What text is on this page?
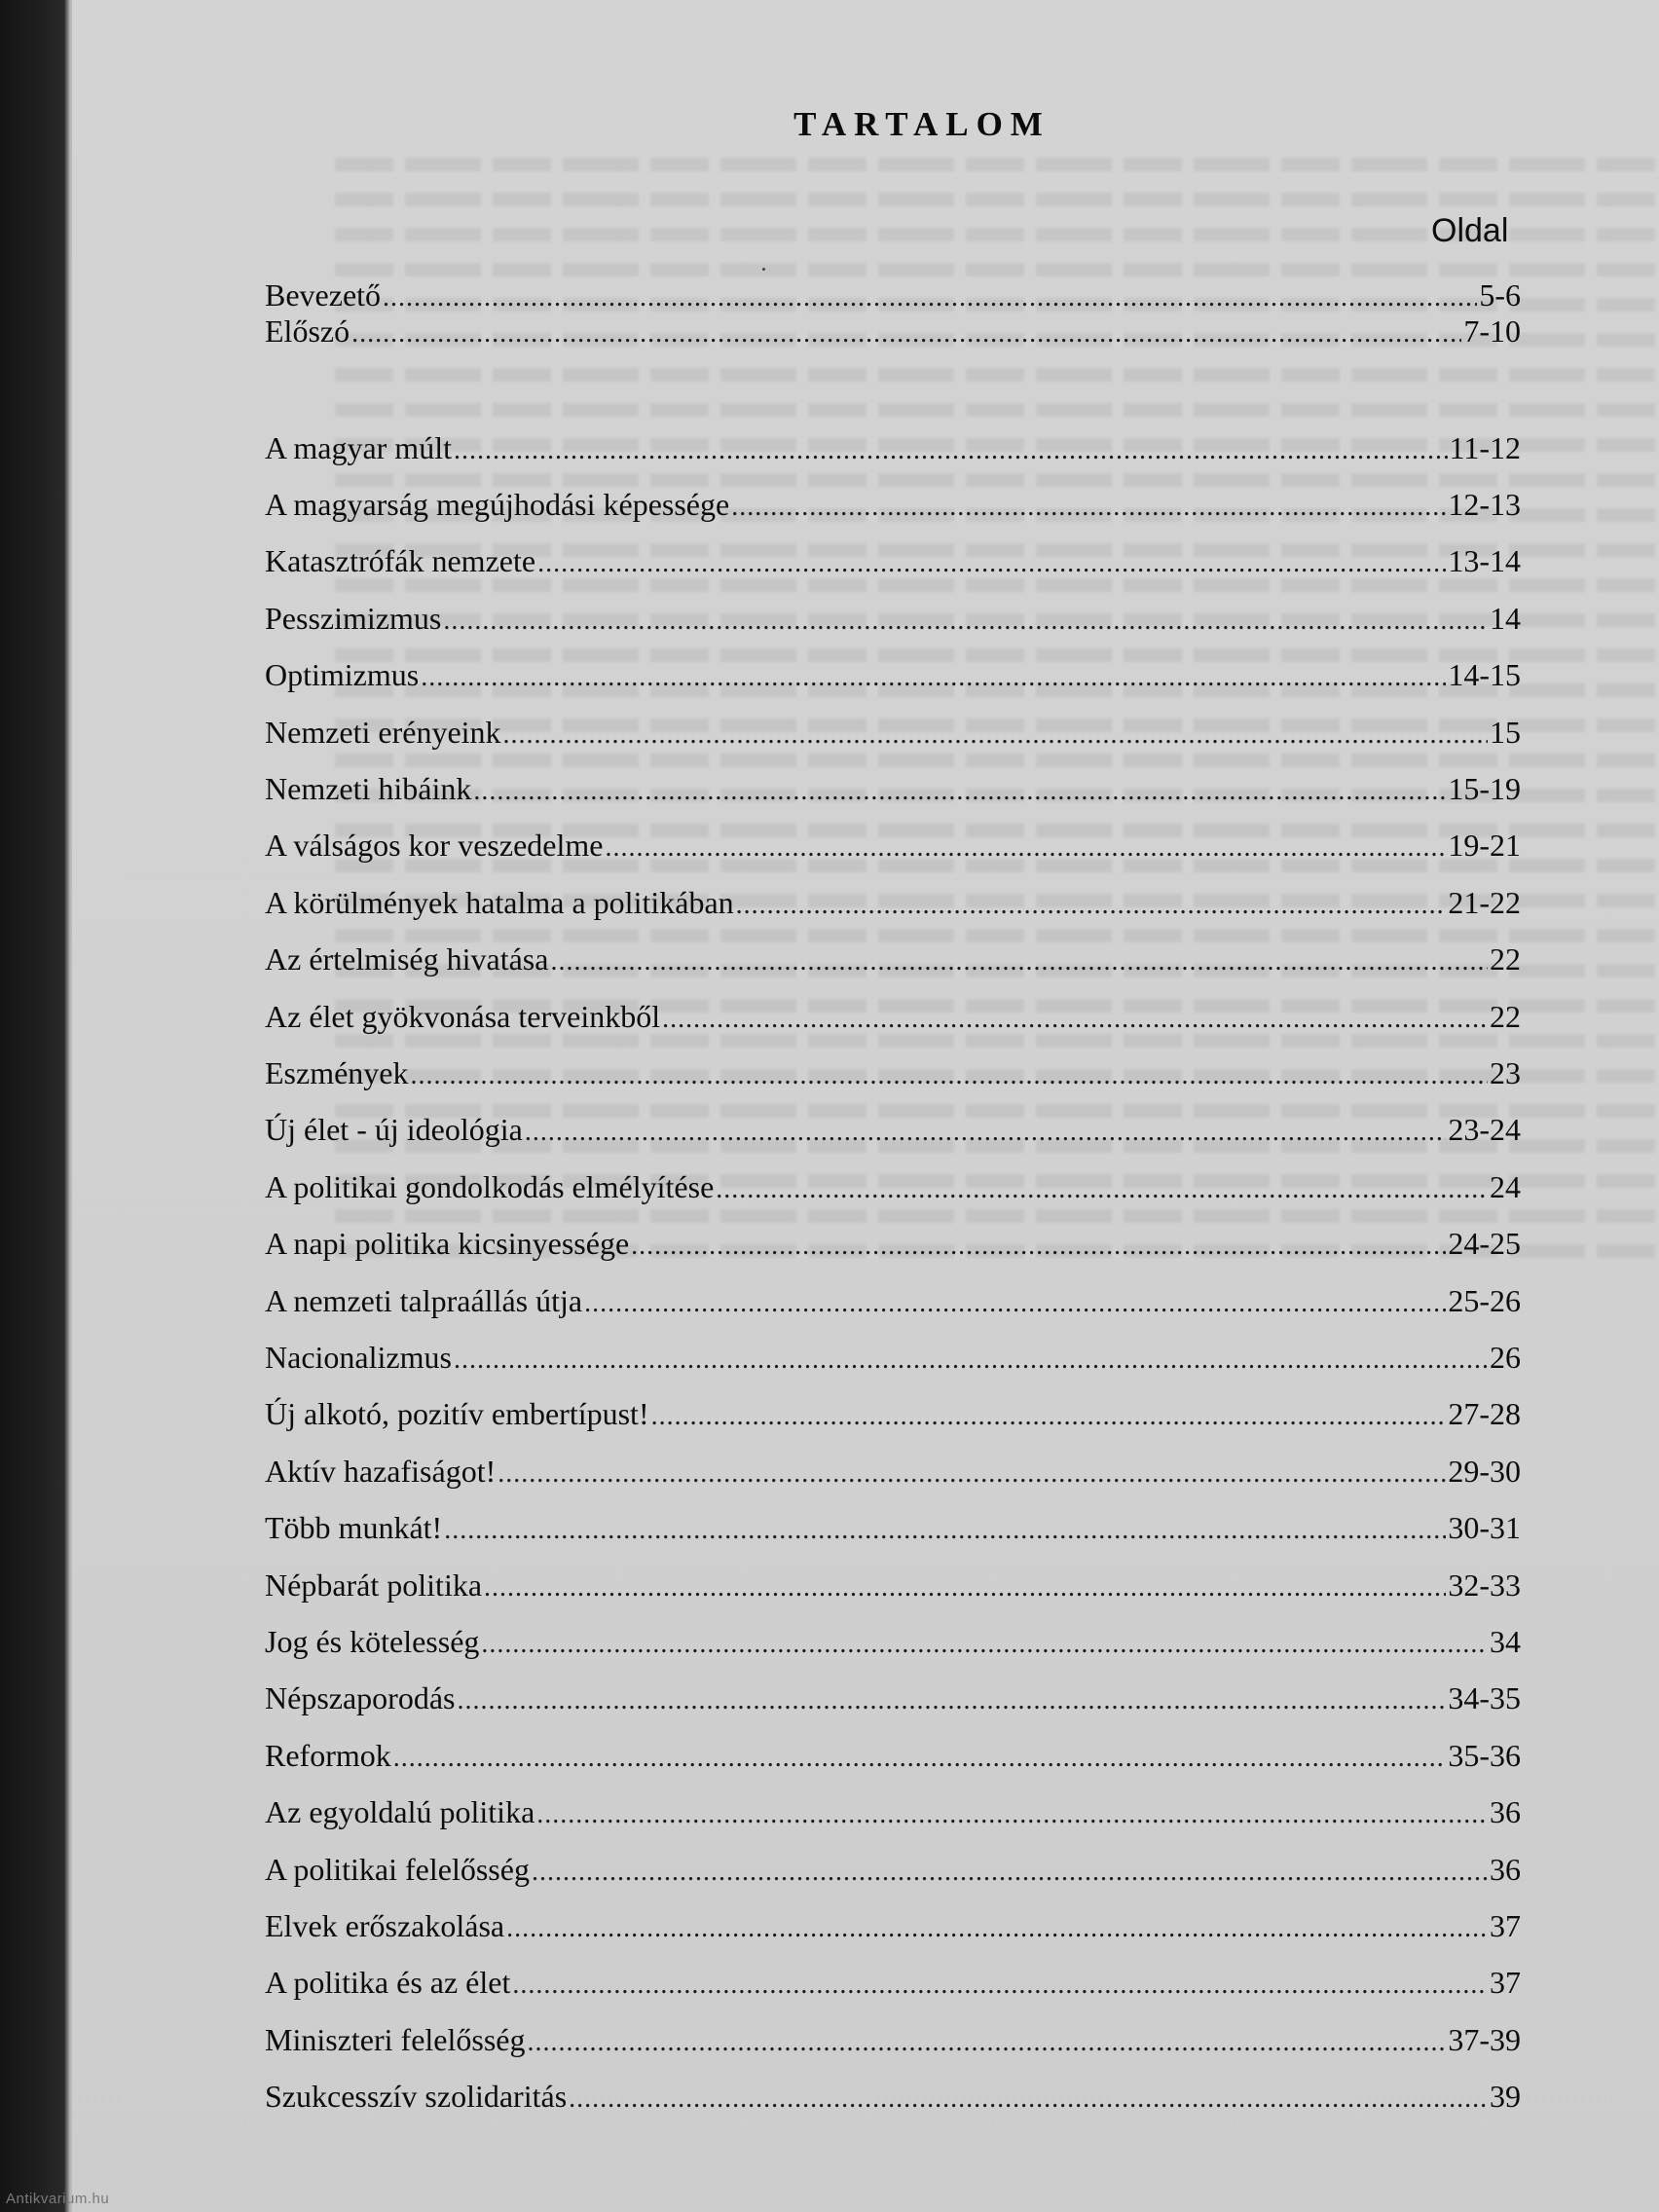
TARTALOM
Oldal
Bevezető .....	5-6
Előszó .....	7-10
A magyar múlt .....	11-12
A magyarság megújhodási képessége .....	12-13
Katasztrófák nemzete .....	13-14
Pesszimizmus .....	14
Optimizmus .....	14-15
Nemzeti erényeink .....	15
Nemzeti hibáink .....	15-19
A válságos kor veszedelme .....	19-21
A körülmények hatalma a politikában .....	21-22
Az értelmiség hivatása .....	22
Az élet gyökvonása terveinkből .....	22
Eszmények .....	23
Új élet - új ideológia .....	23-24
A politikai gondolkodás elmélyítése .....	24
A napi politika kicsinyessége .....	24-25
A nemzeti talpraállás útja .....	25-26
Nacionalizmus .....	26
Új alkotó, pozitív embertípust! .....	27-28
Aktív hazafiságot! .....	29-30
Több munkát! .....	30-31
Népbarát politika .....	32-33
Jog és kötelesség .....	34
Népszaporodás .....	34-35
Reformok .....	35-36
Az egyoldalú politika .....	36
A politikai felelősség .....	36
Elvek erőszakolása .....	37
A politika és az élet .....	37
Miniszteri felelősség .....	37-39
Szukcesszív szolidaritás .....	39
Antikvarium.hu
